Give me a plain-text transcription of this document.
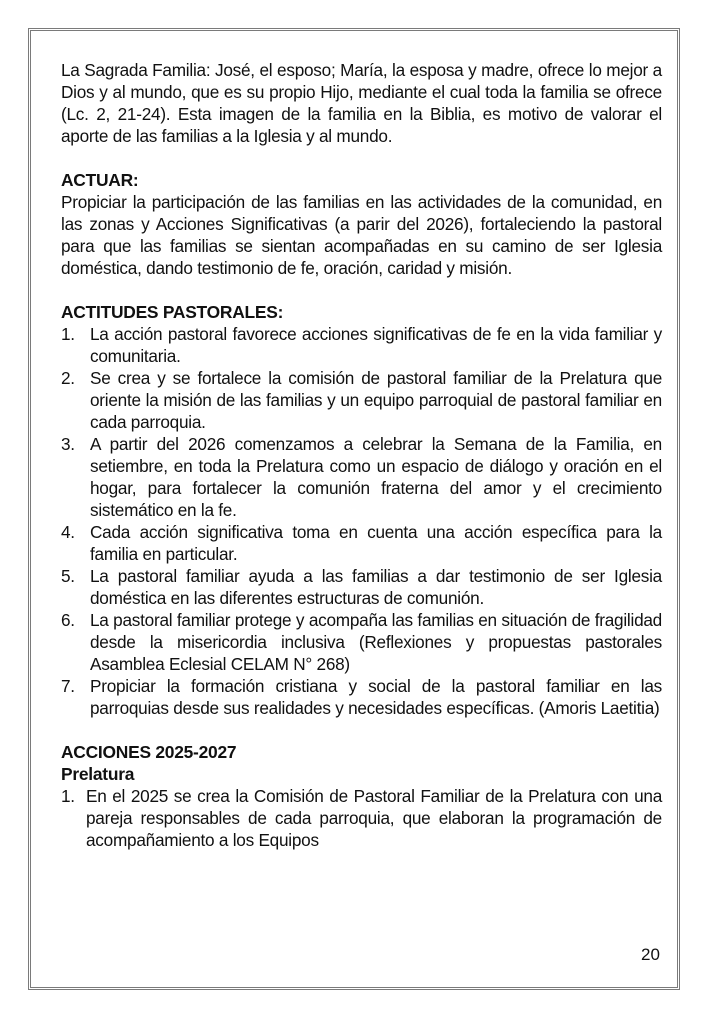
La Sagrada Familia: José, el esposo; María, la esposa y madre, ofrece lo mejor a Dios y al mundo, que es su propio Hijo, mediante el cual toda la familia se ofrece (Lc. 2, 21-24). Esta imagen de la familia en la Biblia, es motivo de valorar el aporte de las familias a la Iglesia y al mundo.

ACTUAR:

Propiciar la participación de las familias en las actividades de la comunidad, en las zonas y Acciones Significativas (a parir del 2026), fortaleciendo la pastoral para que las familias se sientan acompañadas en su camino de ser Iglesia doméstica, dando testimonio de fe, oración, caridad y misión.

ACTITUDES PASTORALES:

1. La acción pastoral favorece acciones significativas de fe en la vida familiar y comunitaria.
2. Se crea y se fortalece la comisión de pastoral familiar de la Prelatura que oriente la misión de las familias y un equipo parroquial de pastoral familiar en cada parroquia.
3. A partir del 2026 comenzamos a celebrar la Semana de la Familia, en setiembre, en toda la Prelatura como un espacio de diálogo y oración en el hogar, para fortalecer la comunión fraterna del amor y el crecimiento sistemático en la fe.
4. Cada acción significativa toma en cuenta una acción específica para la familia en particular.
5. La pastoral familiar ayuda a las familias a dar testimonio de ser Iglesia doméstica en las diferentes estructuras de comunión.
6. La pastoral familiar protege y acompaña las familias en situación de fragilidad desde la misericordia inclusiva (Reflexiones y propuestas pastorales Asamblea Eclesial CELAM N° 268)
7. Propiciar la formación cristiana y social de la pastoral familiar en las parroquias desde sus realidades y necesidades específicas. (Amoris Laetitia)

ACCIONES 2025-2027

Prelatura

1. En el 2025 se crea la Comisión de Pastoral Familiar de la Prelatura con una pareja responsables de cada parroquia, que elaboran la programación de acompañamiento a los Equipos
20
